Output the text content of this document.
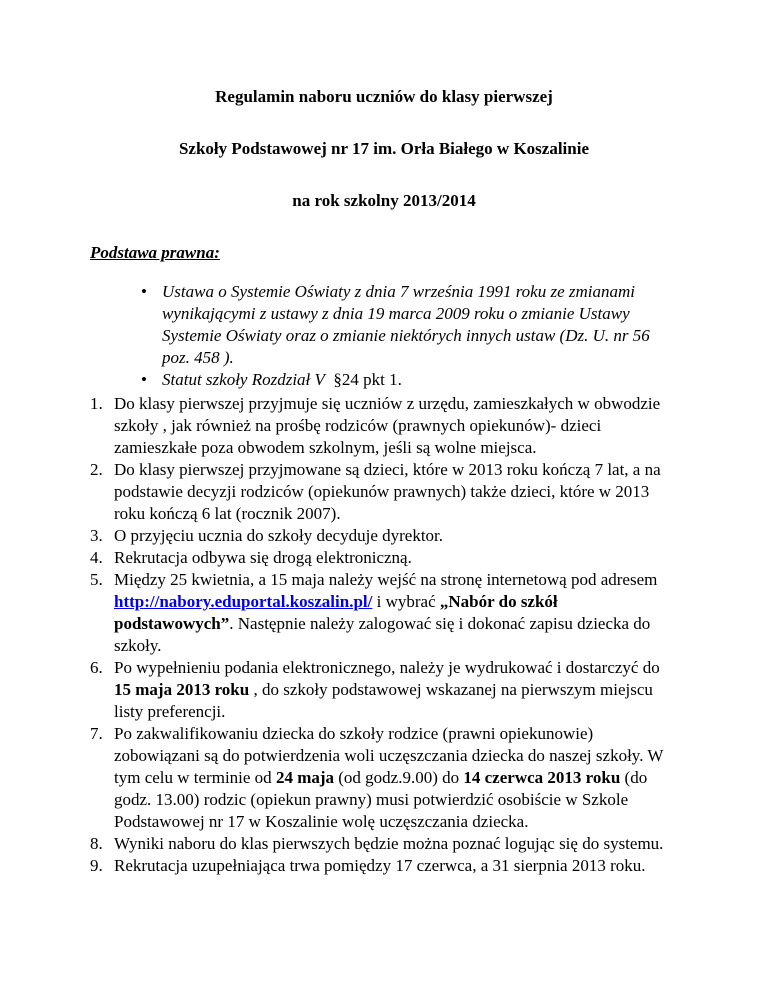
Regulamin naboru uczniów do klasy pierwszej
Szkoły Podstawowej nr 17 im. Orła Białego w Koszalinie
na rok szkolny 2013/2014
Podstawa prawna:
• Ustawa o Systemie Oświaty z dnia 7 września 1991 roku ze zmianami wynikającymi z ustawy z dnia 19 marca 2009 roku o zmianie Ustawy Systemie Oświaty oraz o zmianie niektórych innych ustaw (Dz. U. nr 56 poz. 458 ).
• Statut szkoły Rozdział V §24 pkt 1.
1. Do klasy pierwszej przyjmuje się uczniów z urzędu, zamieszkałych w obwodzie szkoły , jak również na prośbę rodziców (prawnych opiekunów)- dzieci zamieszkałe poza obwodem szkolnym, jeśli są wolne miejsca.
2. Do klasy pierwszej przyjmowane są dzieci, które w 2013 roku kończą 7 lat, a na podstawie decyzji rodziców (opiekunów prawnych) także dzieci, które w 2013 roku kończą 6 lat (rocznik 2007).
3. O przyjęciu ucznia do szkoły decyduje dyrektor.
4. Rekrutacja odbywa się drogą elektroniczną.
5. Między 25 kwietnia, a 15 maja należy wejść na stronę internetową pod adresem http://nabory.eduportal.koszalin.pl/ i wybrać „Nabór do szkół podstawowych”. Następnie należy zalogować się i dokonać zapisu dziecka do szkoły.
6. Po wypełnieniu podania elektronicznego, należy je wydrukować i dostarczyć do 15 maja 2013 roku , do szkoły podstawowej wskazanej na pierwszym miejscu listy preferencji.
7. Po zakwalifikowaniu dziecka do szkoły rodzice (prawni opiekunowie) zobowiązani są do potwierdzenia woli uczęszczania dziecka do naszej szkoły. W tym celu w terminie od 24 maja (od godz.9.00) do 14 czerwca 2013 roku (do godz. 13.00) rodzic (opiekun prawny) musi potwierdzić osobiście w Szkole Podstawowej nr 17 w Koszalinie wolę uczęszczania dziecka.
8. Wyniki naboru do klas pierwszych będzie można poznać logując się do systemu.
9. Rekrutacja uzupełniająca trwa pomiędzy 17 czerwca, a 31 sierpnia 2013 roku.
